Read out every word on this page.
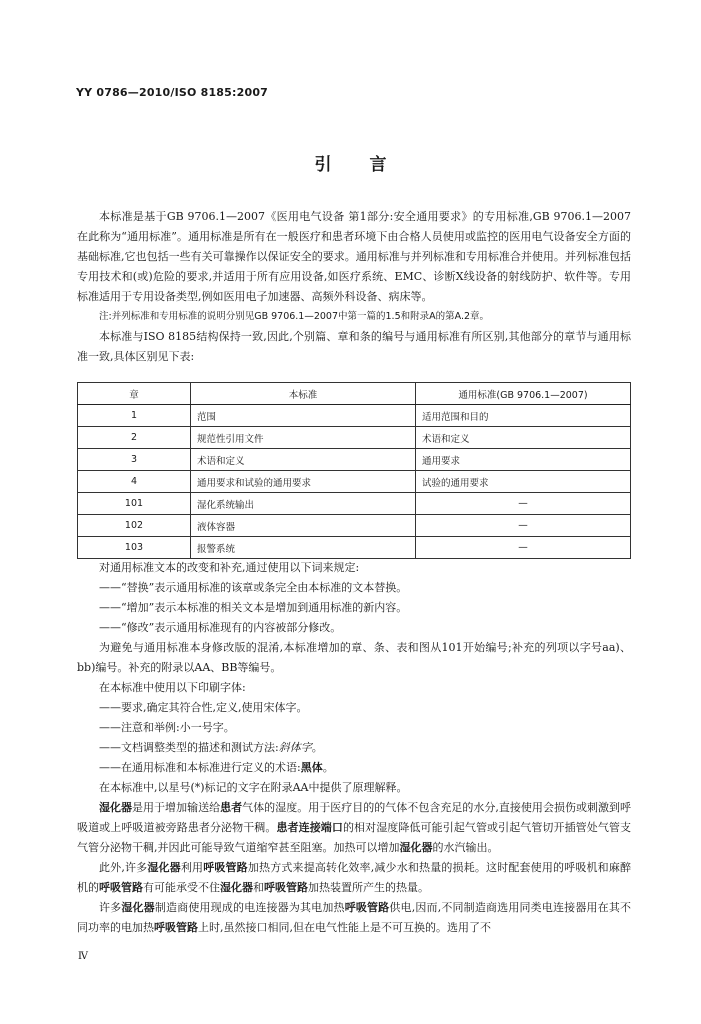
YY 0786—2010/ISO 8185:2007
引言

本标准是基于GB 9706.1—2007《医用电气设备 第1部分:安全通用要求》的专用标准,GB 9706.1—2007在此称为“通用标准”。通用标准是所有在一般医疗和患者环境下由合格人员使用或监控的医用电气设备安全方面的基础标准,它也包括一些有关可靠操作以保证安全的要求。通用标准与并列标准和专用标准合并使用。并列标准包括专用技术和(或)危险的要求,并适用于所有应用设备,如医疗系统、EMC、诊断X线设备的射线防护、软件等。专用标准适用于专用设备类型,例如医用电子加速器、高频外科设备、病床等。

注:并列标准和专用标准的说明分别见GB 9706.1—2007中第一篇的1.5和附录A的第A.2章。

本标准与ISO 8185结构保持一致,因此,个别篇、章和条的编号与通用标准有所区别,其他部分的章节与通用标准一致,具体区别见下表:

章	本标准	通用标准(GB 9706.1—2007)
1	范围	适用范围和目的
2	规范性引用文件	术语和定义
3	术语和定义	通用要求
4	通用要求和试验的通用要求	试验的通用要求
101	湿化系统输出	—
102	液体容器	—
103	报警系统	—

对通用标准文本的改变和补充,通过使用以下词来规定:

——“替换”表示通用标准的该章或条完全由本标准的文本替换。

——“增加”表示本标准的相关文本是增加到通用标准的新内容。

——“修改”表示通用标准现有的内容被部分修改。

为避免与通用标准本身修改版的混淆,本标准增加的章、条、表和图从101开始编号;补充的列项以字号aa)、bb)编号。补充的附录以AA、BB等编号。

在本标准中使用以下印刷字体:

——要求,确定其符合性,定义,使用宋体字。

——注意和举例:小一号字。

——文档调整类型的描述和测试方法:斜体字。

——在通用标准和本标准进行定义的术语:黑体。

在本标准中,以星号(*)标记的文字在附录AA中提供了原理解释。

湿化器是用于增加输送给患者气体的湿度。用于医疗目的的气体不包含充足的水分,直接使用会损伤或刺激到呼吸道或上呼吸道被旁路患者分泌物干稠。患者连接端口的相对湿度降低可能引起气管或引起气管切开插管处气管支气管分泌物干稠,并因此可能导致气道缩窄甚至阻塞。加热可以增加湿化器的水汽输出。

此外,许多湿化器利用呼吸管路加热方式来提高转化效率,减少水和热量的损耗。这时配套使用的呼吸机和麻醉机的呼吸管路有可能承受不住湿化器和呼吸管路加热装置所产生的热量。

许多湿化器制造商使用现成的电连接器为其电加热呼吸管路供电,因而,不同制造商选用同类电连接器用在其不同功率的电加热呼吸管路上时,虽然接口相同,但在电气性能上是不可互换的。选用了不

Ⅳ
